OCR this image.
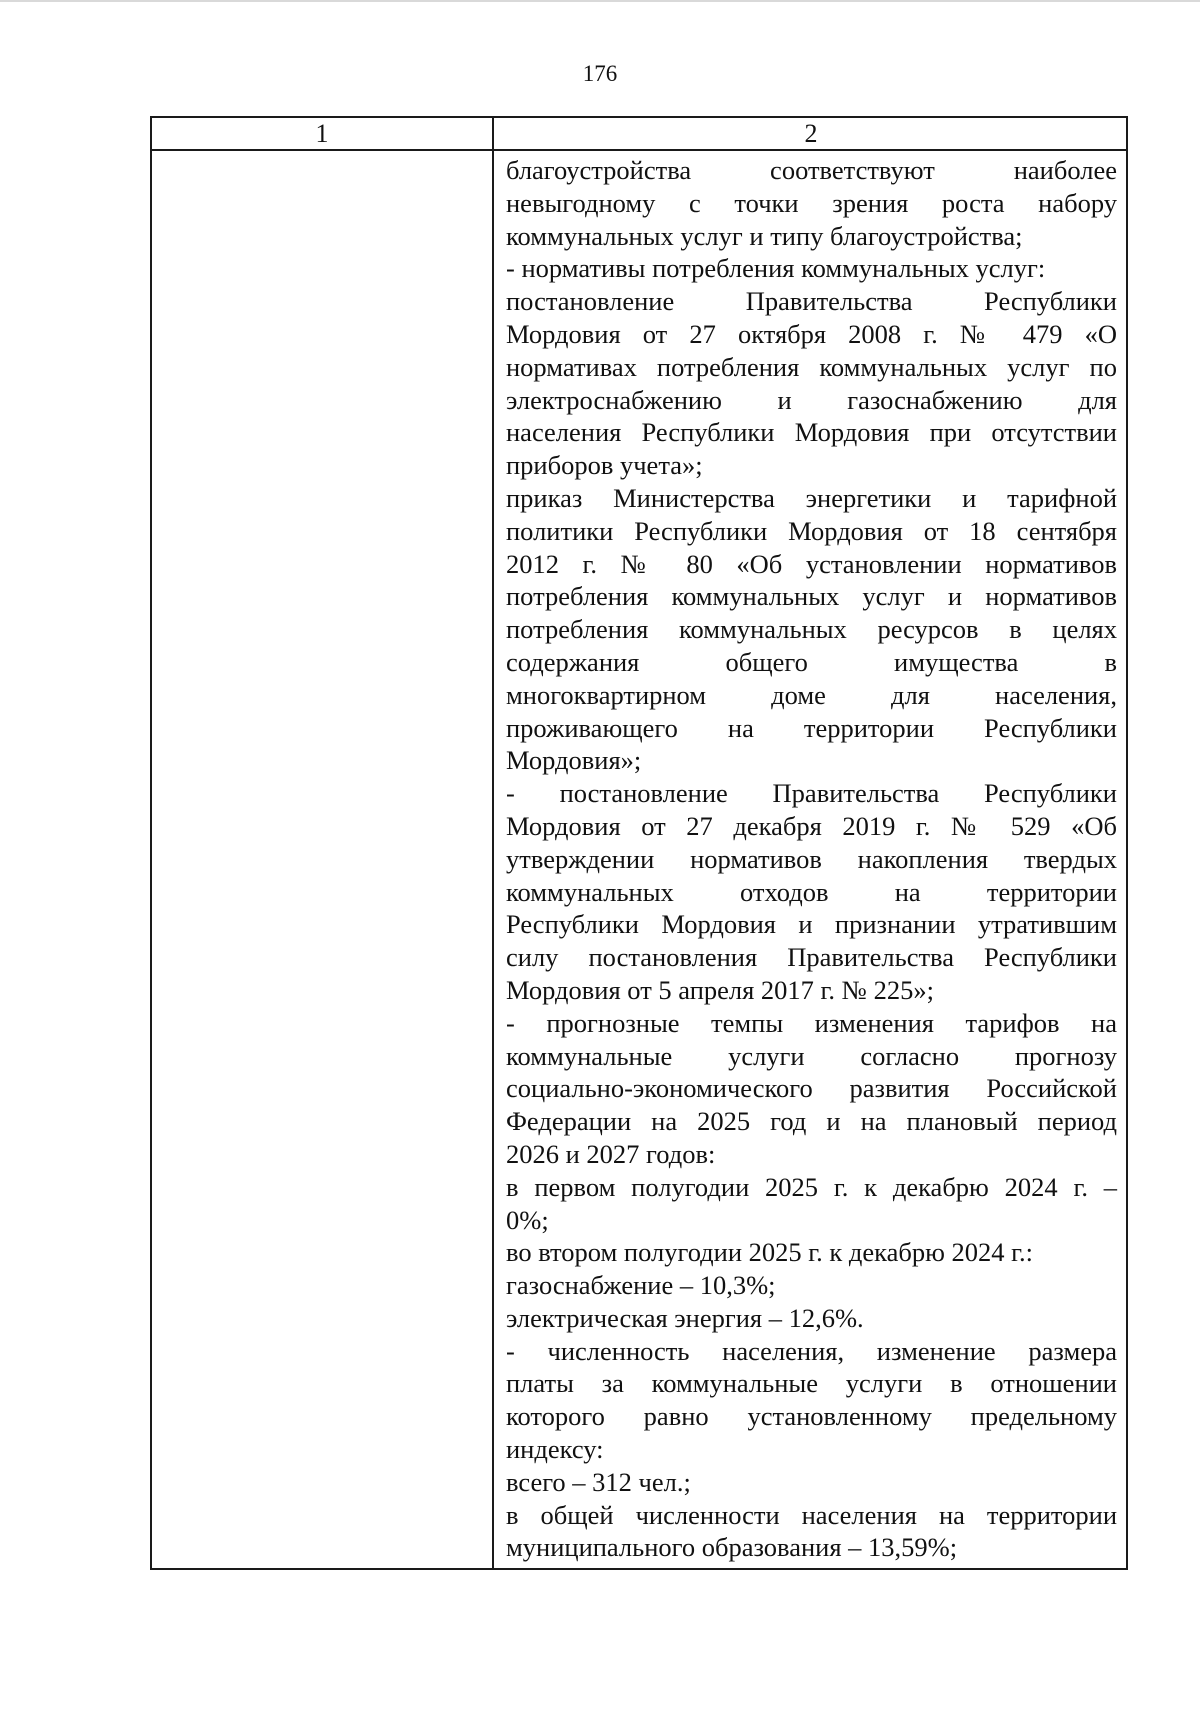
176
1	2
благоустройства соответствуют наиболее
невыгодному с точки зрения роста набору
коммунальных услуг и типу благоустройства;
- нормативы потребления коммунальных услуг:
постановление Правительства Республики
Мордовия от 27 октября 2008 г. № 479 «О
нормативах потребления коммунальных услуг по
электроснабжению и газоснабжению для
населения Республики Мордовия при отсутствии
приборов учета»;
приказ Министерства энергетики и тарифной
политики Республики Мордовия от 18 сентября
2012 г. № 80 «Об установлении нормативов
потребления коммунальных услуг и нормативов
потребления коммунальных ресурсов в целях
содержания общего имущества в
многоквартирном доме для населения,
проживающего на территории Республики
Мордовия»;
- постановление Правительства Республики
Мордовия от 27 декабря 2019 г. № 529 «Об
утверждении нормативов накопления твердых
коммунальных отходов на территории
Республики Мордовия и признании утратившим
силу постановления Правительства Республики
Мордовия от 5 апреля 2017 г. № 225»;
- прогнозные темпы изменения тарифов на
коммунальные услуги согласно прогнозу
социально-экономического развития Российской
Федерации на 2025 год и на плановый период
2026 и 2027 годов:
в первом полугодии 2025 г. к декабрю 2024 г. –
0%;
во втором полугодии 2025 г. к декабрю 2024 г.:
газоснабжение – 10,3%;
электрическая энергия – 12,6%.
- численность населения, изменение размера
платы за коммунальные услуги в отношении
которого равно установленному предельному
индексу:
всего – 312 чел.;
в общей численности населения на территории
муниципального образования – 13,59%;
